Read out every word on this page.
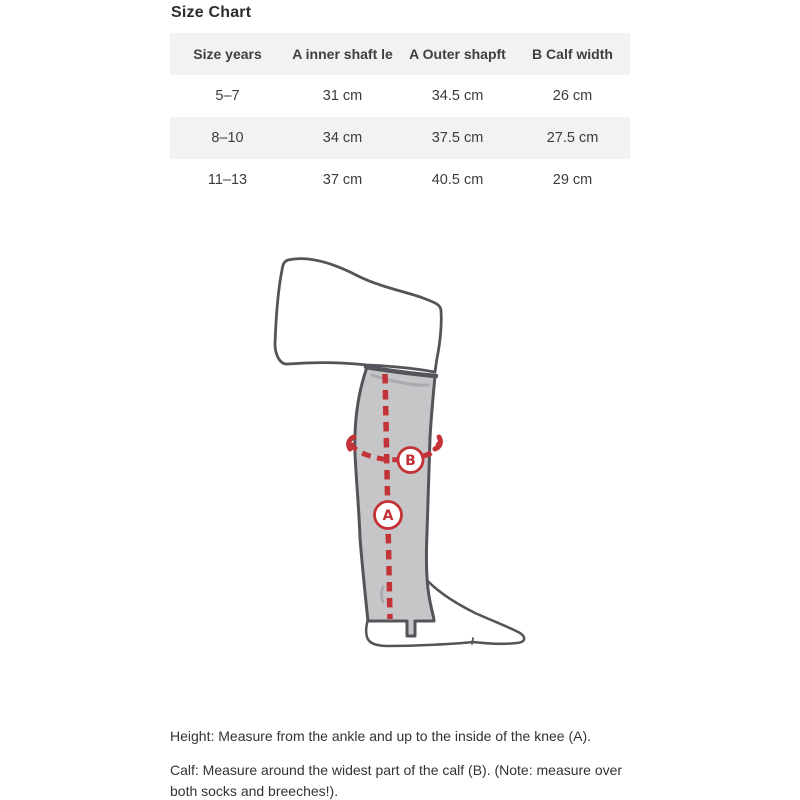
Size Chart
Size years	A inner shaft le	A Outer shapft	B Calf width
5–7	31 cm	34.5 cm	26 cm
8–10	34 cm	37.5 cm	27.5 cm
11–13	37 cm	40.5 cm	29 cm
B
A

Height: Measure from the ankle and up to the inside of the knee (A).

Calf: Measure around the widest part of the calf (B). (Note: measure over both socks and breeches!).
